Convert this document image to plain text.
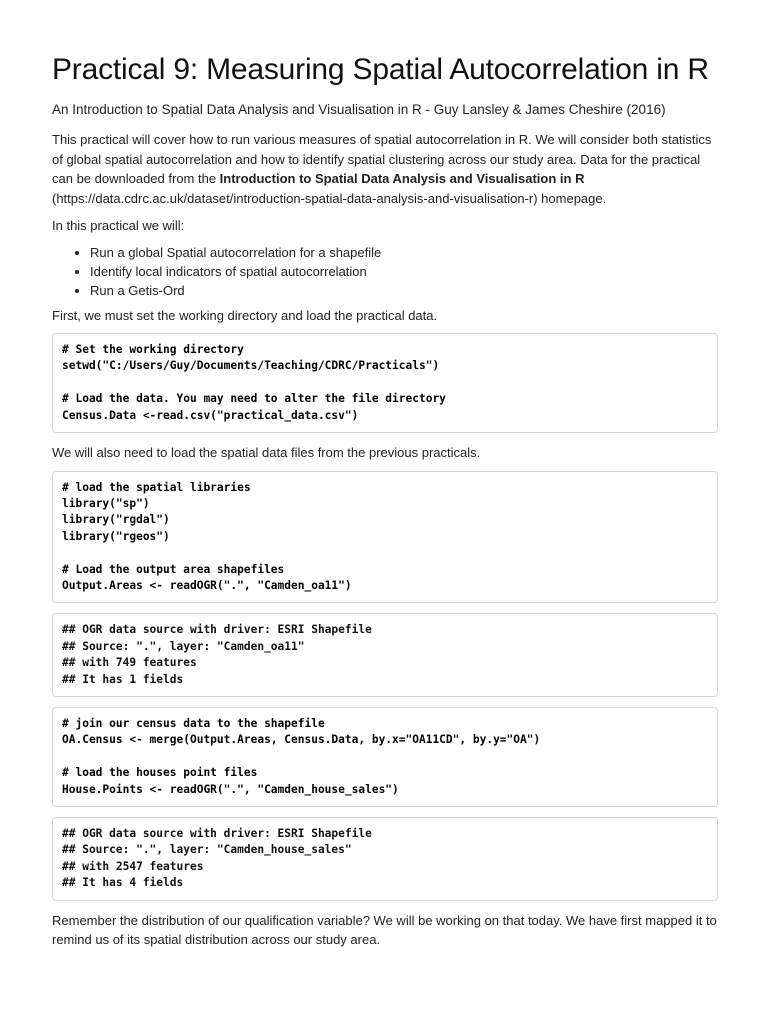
Practical 9: Measuring Spatial Autocorrelation in R
An Introduction to Spatial Data Analysis and Visualisation in R - Guy Lansley & James Cheshire (2016)

This practical will cover how to run various measures of spatial autocorrelation in R. We will consider both statistics of global spatial autocorrelation and how to identify spatial clustering across our study area. Data for the practical can be downloaded from the Introduction to Spatial Data Analysis and Visualisation in R (https://data.cdrc.ac.uk/dataset/introduction-spatial-data-analysis-and-visualisation-r) homepage.

In this practical we will:

• Run a global Spatial autocorrelation for a shapefile
• Identify local indicators of spatial autocorrelation
• Run a Getis-Ord

First, we must set the working directory and load the practical data.

# Set the working directory
setwd("C:/Users/Guy/Documents/Teaching/CDRC/Practicals")

# Load the data. You may need to alter the file directory
Census.Data <-read.csv("practical_data.csv")

We will also need to load the spatial data files from the previous practicals.

# load the spatial libraries
library("sp")
library("rgdal")
library("rgeos")

# Load the output area shapefiles
Output.Areas <- readOGR(".", "Camden_oa11")
## OGR data source with driver: ESRI Shapefile
## Source: ".", layer: "Camden_oa11"
## with 749 features
## It has 1 fields
# join our census data to the shapefile
OA.Census <- merge(Output.Areas, Census.Data, by.x="OA11CD", by.y="OA")

# load the houses point files
House.Points <- readOGR(".", "Camden_house_sales")
## OGR data source with driver: ESRI Shapefile
## Source: ".", layer: "Camden_house_sales"
## with 2547 features
## It has 4 fields

Remember the distribution of our qualification variable? We will be working on that today. We have first mapped it to remind us of its spatial distribution across our study area.
